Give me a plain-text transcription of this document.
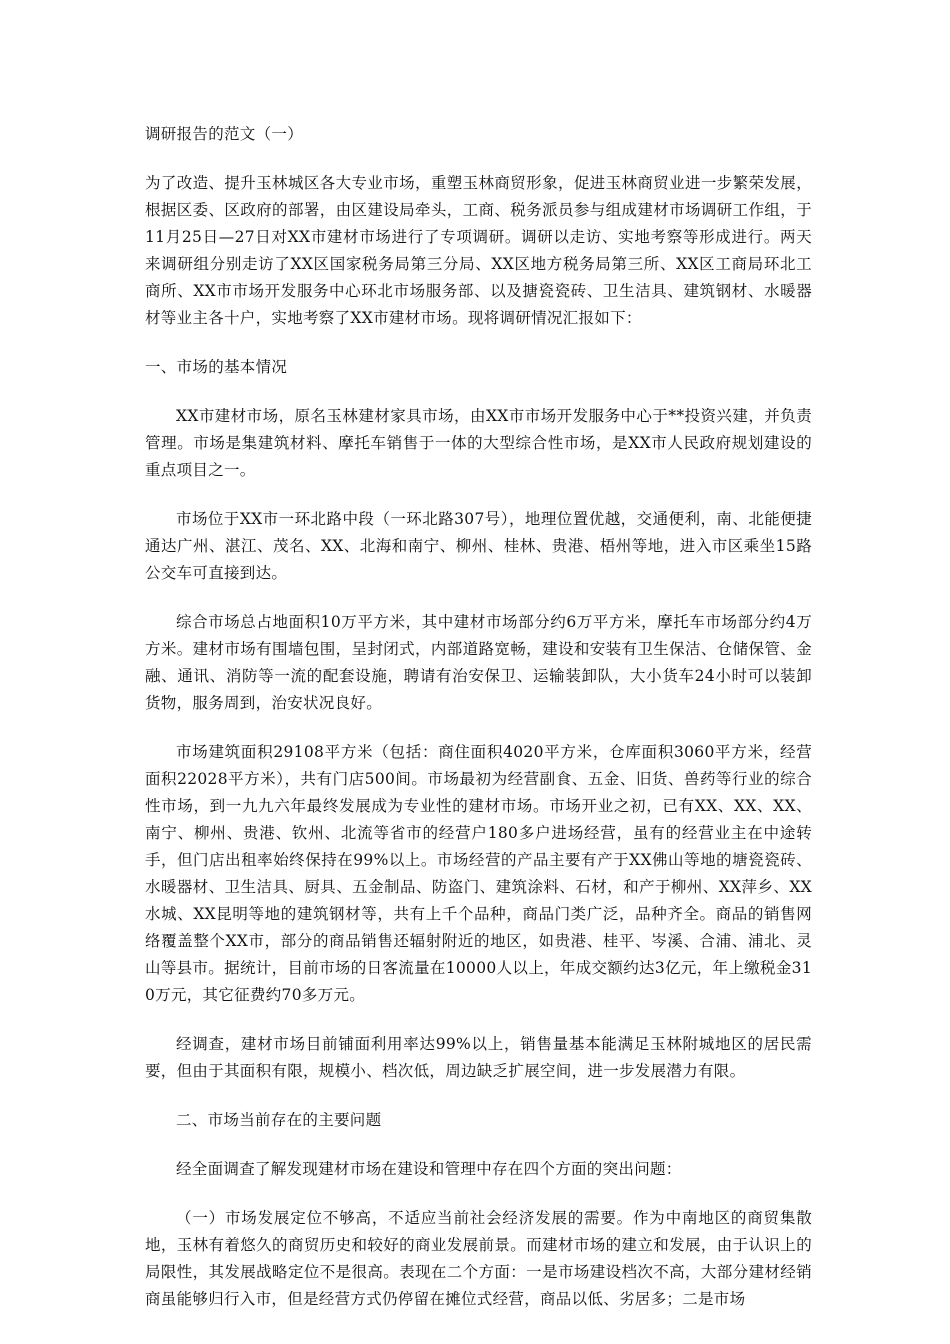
调研报告的范文（一）

为了改造、提升玉林城区各大专业市场，重塑玉林商贸形象，促进玉林商贸业进一步繁荣发展，根据区委、区政府的部署，由区建设局牵头，工商、税务派员参与组成建材市场调研工作组，于11月25日—27日对XX市建材市场进行了专项调研。调研以走访、实地考察等形成进行。两天来调研组分别走访了XX区国家税务局第三分局、XX区地方税务局第三所、XX区工商局环北工商所、XX市市场开发服务中心环北市场服务部、以及搪瓷瓷砖、卫生洁具、建筑钢材、水暖器材等业主各十户，实地考察了XX市建材市场。现将调研情况汇报如下：

一、市场的基本情况

XX市建材市场，原名玉林建材家具市场，由XX市市场开发服务中心于**投资兴建，并负责管理。市场是集建筑材料、摩托车销售于一体的大型综合性市场，是XX市人民政府规划建设的重点项目之一。

市场位于XX市一环北路中段（一环北路307号），地理位置优越，交通便利，南、北能便捷通达广州、湛江、茂名、XX、北海和南宁、柳州、桂林、贵港、梧州等地，进入市区乘坐15路公交车可直接到达。

综合市场总占地面积10万平方米，其中建材市场部分约6万平方米，摩托车市场部分约4万方米。建材市场有围墙包围，呈封闭式，内部道路宽畅，建设和安装有卫生保洁、仓储保管、金融、通讯、消防等一流的配套设施，聘请有治安保卫、运输装卸队，大小货车24小时可以装卸货物，服务周到，治安状况良好。

市场建筑面积29108平方米（包括：商住面积4020平方米，仓库面积3060平方米，经营面积22028平方米），共有门店500间。市场最初为经营副食、五金、旧货、兽药等行业的综合性市场，到一九九六年最终发展成为专业性的建材市场。市场开业之初，已有XX、XX、XX、南宁、柳州、贵港、钦州、北流等省市的经营户180多户进场经营，虽有的经营业主在中途转手，但门店出租率始终保持在99%以上。市场经营的产品主要有产于XX佛山等地的塘瓷瓷砖、水暖器材、卫生洁具、厨具、五金制品、防盗门、建筑涂料、石材，和产于柳州、XX萍乡、XX水城、XX昆明等地的建筑钢材等，共有上千个品种，商品门类广泛，品种齐全。商品的销售网络覆盖整个XX市，部分的商品销售还辐射附近的地区，如贵港、桂平、岑溪、合浦、浦北、灵山等县市。据统计，目前市场的日客流量在10000人以上，年成交额约达3亿元，年上缴税金310万元，其它征费约70多万元。

经调查，建材市场目前铺面利用率达99%以上，销售量基本能满足玉林附城地区的居民需要，但由于其面积有限，规模小、档次低，周边缺乏扩展空间，进一步发展潜力有限。

二、市场当前存在的主要问题

经全面调查了解发现建材市场在建设和管理中存在四个方面的突出问题：

（一）市场发展定位不够高，不适应当前社会经济发展的需要。作为中南地区的商贸集散地，玉林有着悠久的商贸历史和较好的商业发展前景。而建材市场的建立和发展，由于认识上的局限性，其发展战略定位不是很高。表现在二个方面：一是市场建设档次不高，大部分建材经销商虽能够归行入市，但是经营方式仍停留在摊位式经营，商品以低、劣居多；二是市场
